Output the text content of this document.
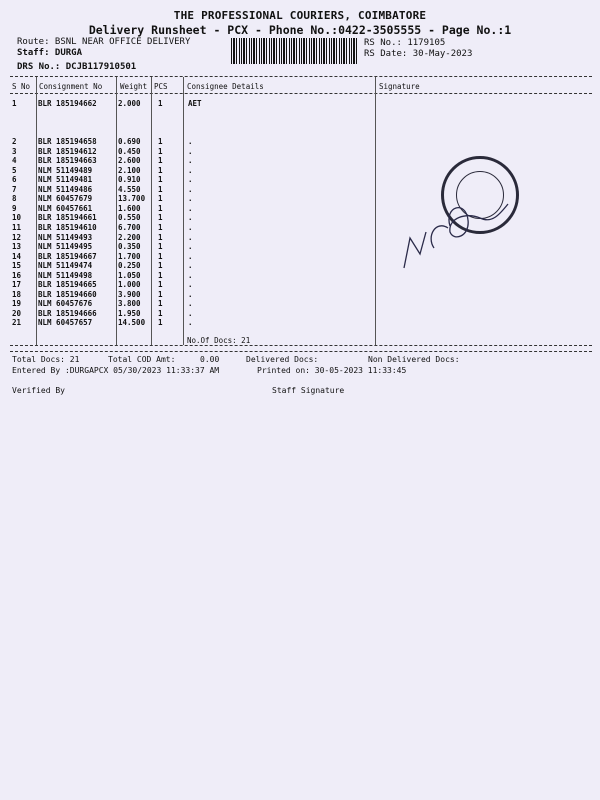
THE PROFESSIONAL COURIERS, COIMBATORE
Delivery Runsheet - PCX - Phone No.:0422-3505555 - Page No.:1
Route: BSNL NEAR OFFICE DELIVERY
Staff: DURGA
DRS No.: DCJB117910501
RS No.: 1179105
RS Date: 30-May-2023
S No Consignment No Weight PCS	Consignee Details	Signature
1	BLR 185194662	2.000 1	AET
2	BLR 185194658	0.690 1	.
3	BLR 185194612	0.450 1	.
4	BLR 185194663	2.600 1	.
5	NLM 51149489	2.100 1	.
6	NLM 51149481	0.910 1	.
7	NLM 51149486	4.550 1	.
8	NLM 60457679	13.700 1	.
9	NLM 60457661	1.600 1	.
10 BLR 185194661	0.550 1	.
11 BLR 185194610	6.700 1	.
12 NLM 51149493	2.200 1	.
13 NLM 51149495	0.350 1	.
14 BLR 185194667	1.700 1	.
15 NLM 51149474	0.250 1	.
16 NLM 51149498	1.050 1	.
17 BLR 185194665	1.000 1	.
18 BLR 185194660	3.900 1	.
19 NLM 60457676	3.800 1	.
20 BLR 185194666	1.950 1	.
21 NLM 60457657	14.500 1	.
No.Of Docs: 21
Total Docs: 21	Total COD Amt:	0.00	Delivered Docs:	Non Delivered Docs:
Entered By :DURGAPCX 05/30/2023 11:33:37 AM	Printed on: 30-05-2023 11:33:45
Verified By	Staff Signature
